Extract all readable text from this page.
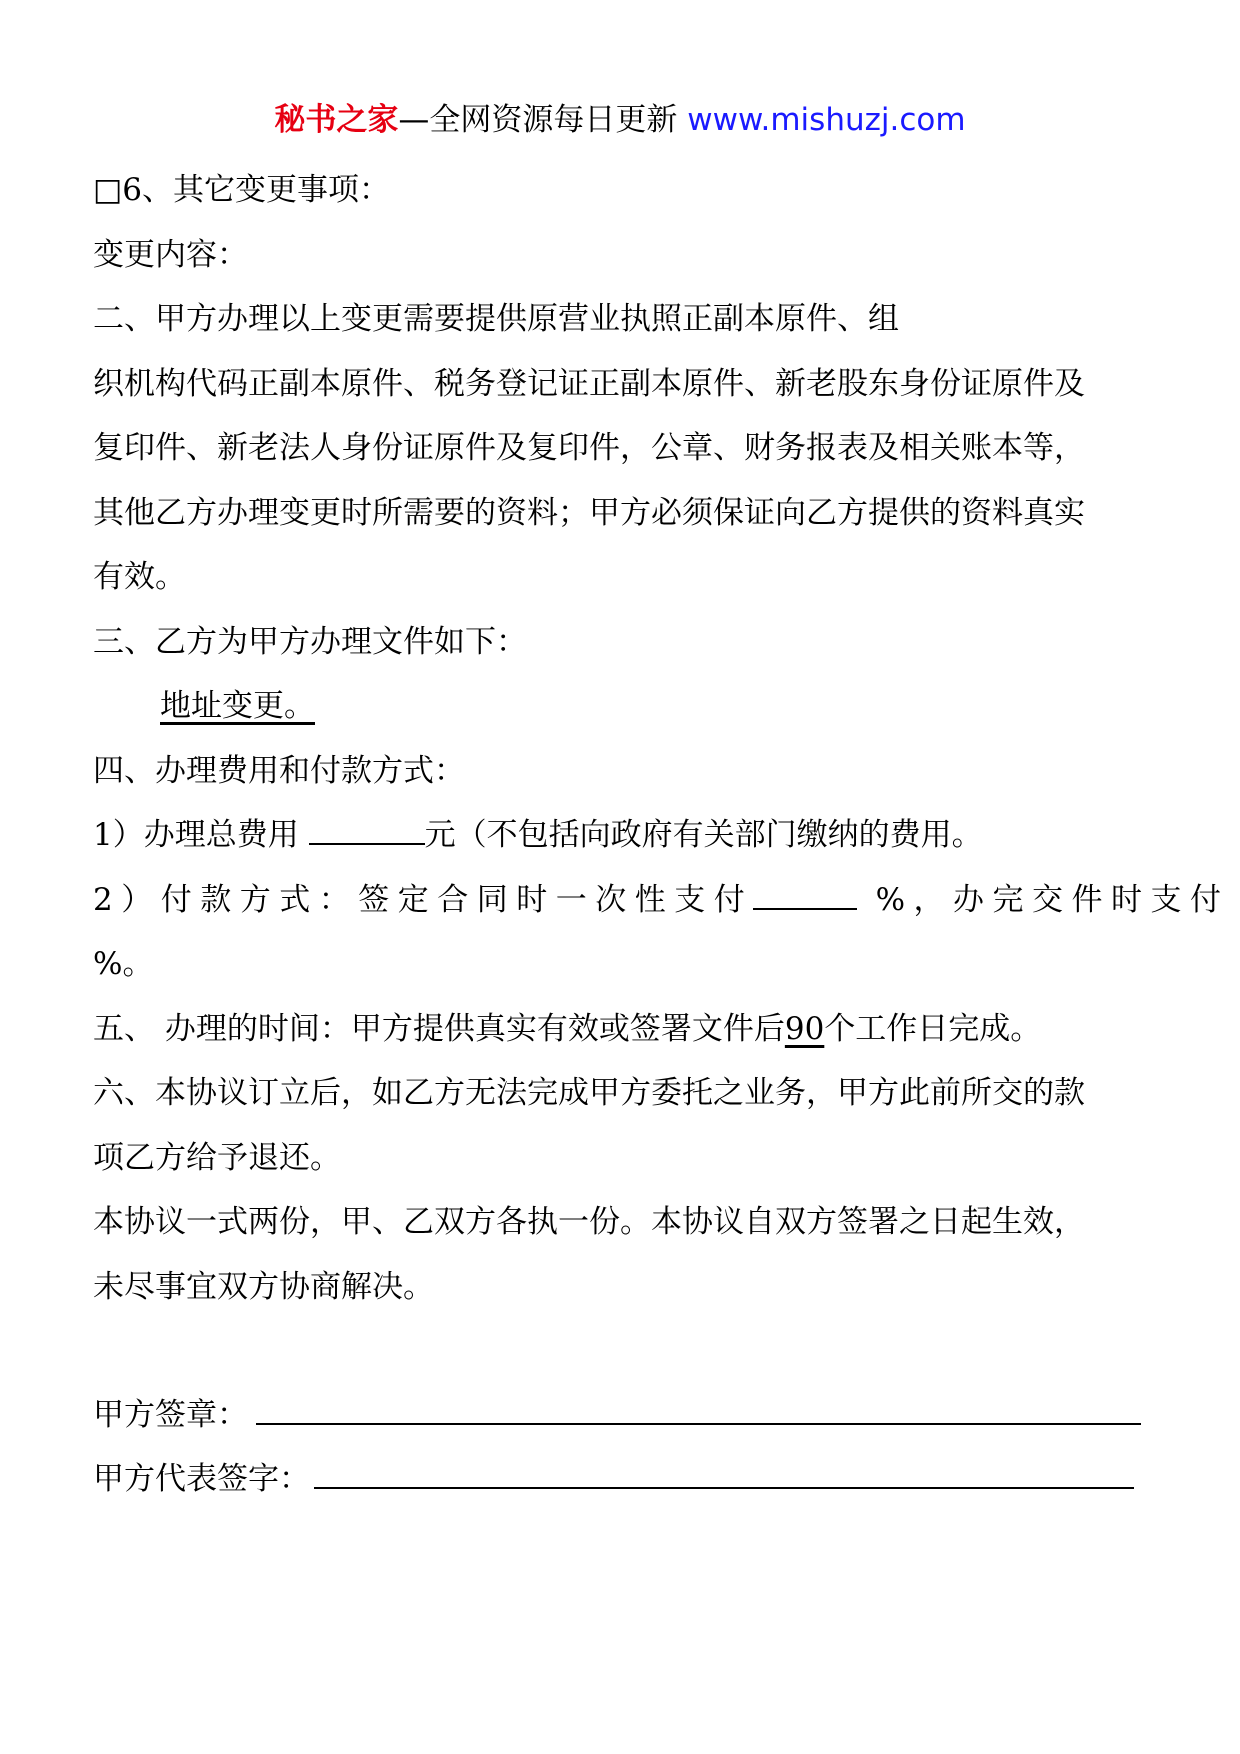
秘书之家—全网资源每日更新 www.mishuzj.com
□6、其它变更事项：
变更内容：
二、甲方办理以上变更需要提供原营业执照正副本原件、组
织机构代码正副本原件、税务登记证正副本原件、新老股东身份证原件及
复印件、新老法人身份证原件及复印件，公章、财务报表及相关账本等，
其他乙方办理变更时所需要的资料；甲方必须保证向乙方提供的资料真实
有效。
三、乙方为甲方办理文件如下：
地址变更。
四、办理费用和付款方式：
1）办理总费用	元（不包括向政府有关部门缴纳的费用。
2）付款方式：签定合同时一次性支付	%，办完交件时支付
%。
五、 办理的时间：甲方提供真实有效或签署文件后90个工作日完成。
六、本协议订立后，如乙方无法完成甲方委托之业务，甲方此前所交的款
项乙方给予退还。
本协议一式两份，甲、乙双方各执一份。本协议自双方签署之日起生效，
未尽事宜双方协商解决。
甲方签章：
甲方代表签字：
